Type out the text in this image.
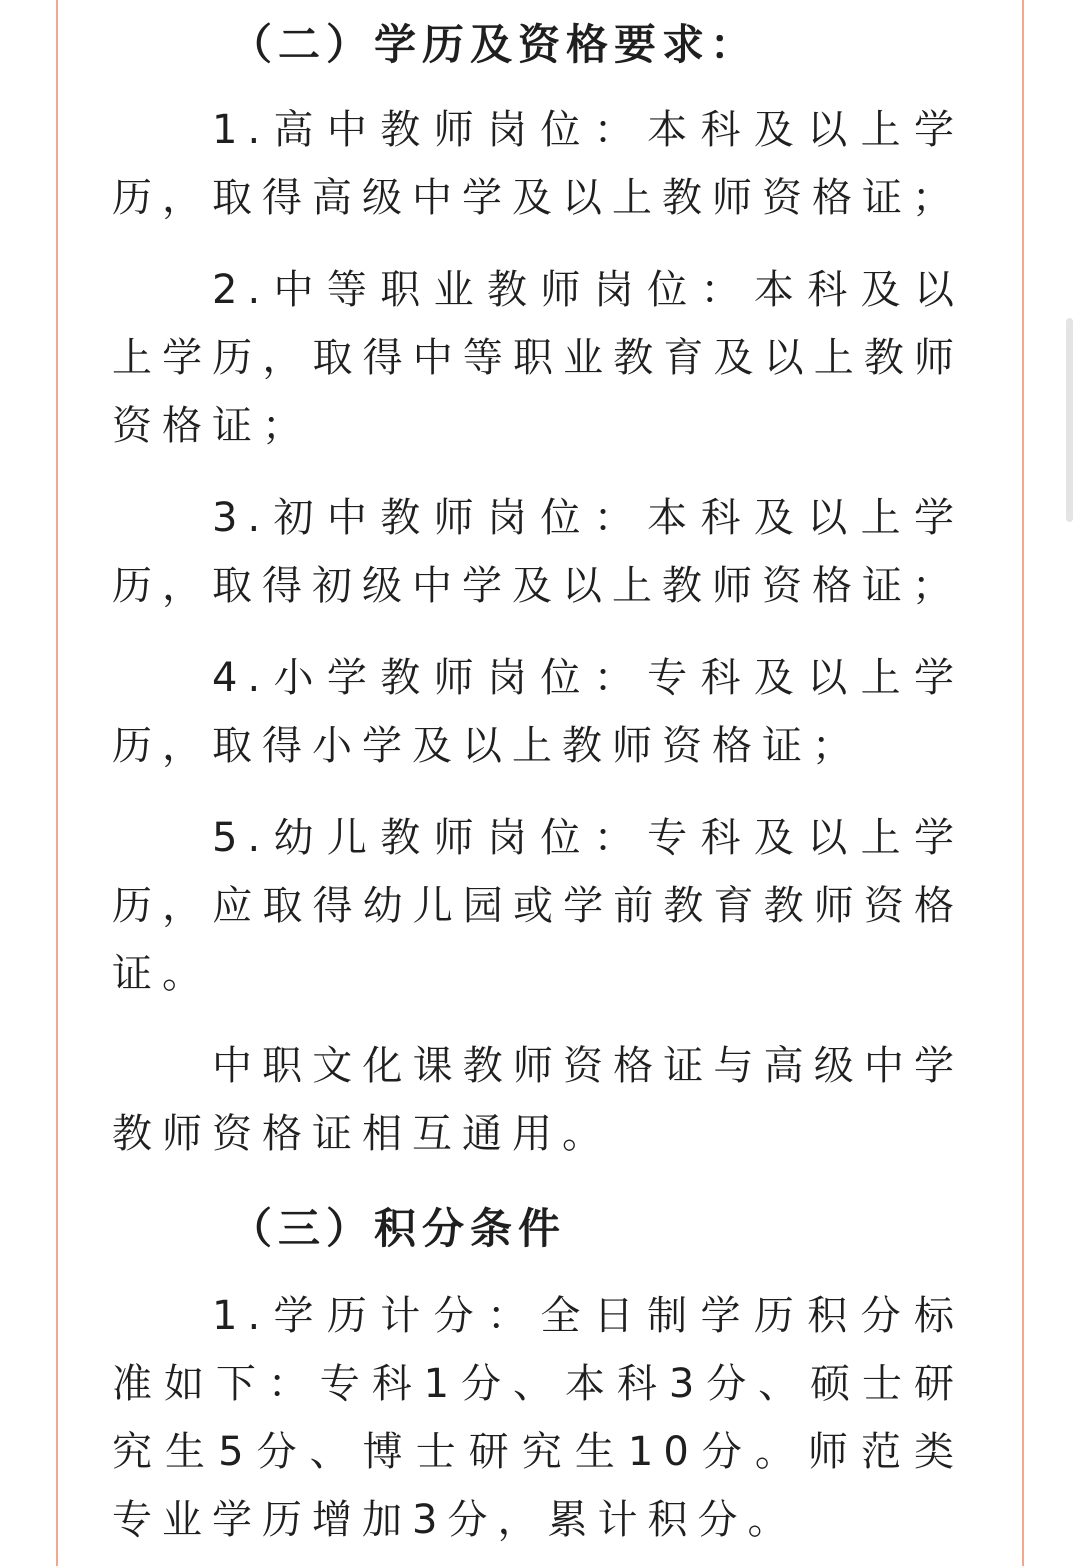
（二）学历及资格要求：

1.高中教师岗位：本科及以上学历，取得高级中学及以上教师资格证；

2.中等职业教师岗位：本科及以上学历，取得中等职业教育及以上教师资格证；

3.初中教师岗位：本科及以上学历，取得初级中学及以上教师资格证；

4.小学教师岗位：专科及以上学历，取得小学及以上教师资格证；

5.幼儿教师岗位：专科及以上学历，应取得幼儿园或学前教育教师资格证。

中职文化课教师资格证与高级中学教师资格证相互通用。

（三）积分条件

1.学历计分：全日制学历积分标准如下：专科1分、本科3分、硕士研究生5分、博士研究生10分。师范类专业学历增加3分，累计积分。
